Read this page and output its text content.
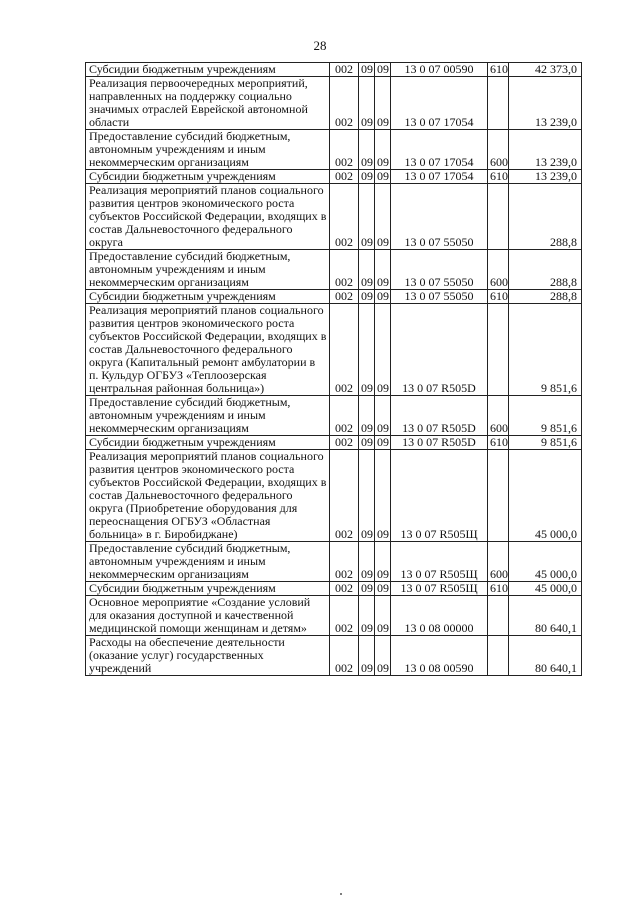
28
Субсидии бюджетным учреждениям	002	09	09	13 0 07 00590	610	42 373,0
Реализация первоочередных мероприятий, направленных на поддержку социально значимых отраслей Еврейской автономной области	002	09	09	13 0 07 17054		13 239,0
Предоставление субсидий бюджетным, автономным учреждениям и иным некоммерческим организациям	002	09	09	13 0 07 17054	600	13 239,0
Субсидии бюджетным учреждениям	002	09	09	13 0 07 17054	610	13 239,0
Реализация мероприятий планов социального развития центров экономического роста субъектов Российской Федерации, входящих в состав Дальневосточного федерального округа	002	09	09	13 0 07 55050		288,8
Предоставление субсидий бюджетным, автономным учреждениям и иным некоммерческим организациям	002	09	09	13 0 07 55050	600	288,8
Субсидии бюджетным учреждениям	002	09	09	13 0 07 55050	610	288,8
Реализация мероприятий планов социального развития центров экономического роста субъектов Российской Федерации, входящих в состав Дальневосточного федерального округа (Капитальный ремонт амбулатории в п. Кульдур ОГБУЗ «Теплоозерская центральная районная больница»)	002	09	09	13 0 07 R505D		9 851,6
Предоставление субсидий бюджетным, автономным учреждениям и иным некоммерческим организациям	002	09	09	13 0 07 R505D	600	9 851,6
Субсидии бюджетным учреждениям	002	09	09	13 0 07 R505D	610	9 851,6
Реализация мероприятий планов социального развития центров экономического роста субъектов Российской Федерации, входящих в состав Дальневосточного федерального округа (Приобретение оборудования для переоснащения ОГБУЗ «Областная больница» в г. Биробиджане)	002	09	09	13 0 07 R505Щ		45 000,0
Предоставление субсидий бюджетным, автономным учреждениям и иным некоммерческим организациям	002	09	09	13 0 07 R505Щ	600	45 000,0
Субсидии бюджетным учреждениям	002	09	09	13 0 07 R505Щ	610	45 000,0
Основное мероприятие «Создание условий для оказания доступной и качественной медицинской помощи женщинам и детям»	002	09	09	13 0 08 00000		80 640,1
Расходы на обеспечение деятельности (оказание услуг) государственных учреждений	002	09	09	13 0 08 00590		80 640,1
